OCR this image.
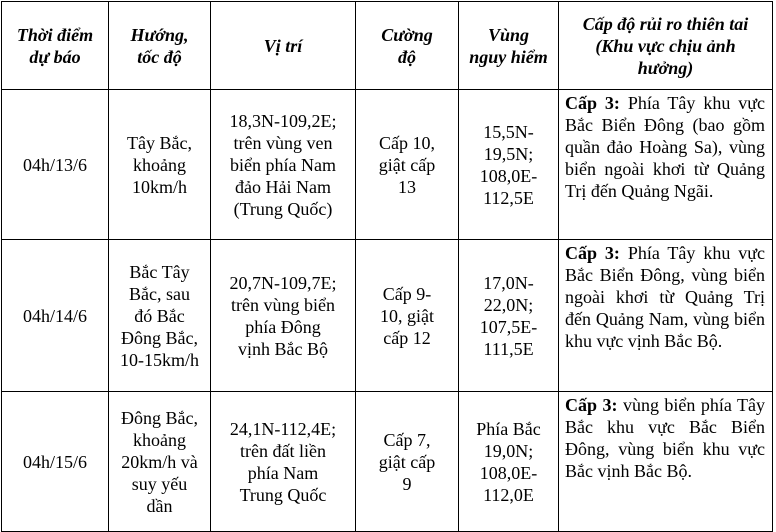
Thời điểm
dự báo	Hướng,
tốc độ	Vị trí	Cường
độ	Vùng
nguy hiểm	Cấp độ rủi ro thiên tai
(Khu vực chịu ảnh
hưởng)
04h/13/6	Tây Bắc,
khoảng
10km/h	18,3N-109,2E;
trên vùng ven
biển phía Nam
đảo Hải Nam
(Trung Quốc)	Cấp 10,
giật cấp
13	15,5N-
19,5N;
108,0E-
112,5E	Cấp 3: Phía Tây khu vực Bắc Biển Đông (bao gồm quần đảo Hoàng Sa), vùng biển ngoài khơi từ Quảng Trị đến Quảng Ngãi.
04h/14/6	Bắc Tây
Bắc, sau
đó Bắc
Đông Bắc,
10-15km/h	20,7N-109,7E;
trên vùng biển
phía Đông
vịnh Bắc Bộ	Cấp 9-
10, giật
cấp 12	17,0N-
22,0N;
107,5E-
111,5E	Cấp 3: Phía Tây khu vực Bắc Biển Đông, vùng biển ngoài khơi từ Quảng Trị đến Quảng Nam, vùng biển khu vực vịnh Bắc Bộ.
04h/15/6	Đông Bắc,
khoảng
20km/h và
suy yếu
dần	24,1N-112,4E;
trên đất liền
phía Nam
Trung Quốc	Cấp 7,
giật cấp
9	Phía Bắc
19,0N;
108,0E-
112,0E	Cấp 3: vùng biển phía Tây Bắc khu vực Bắc Biển Đông, vùng biển khu vực Bắc vịnh Bắc Bộ.
